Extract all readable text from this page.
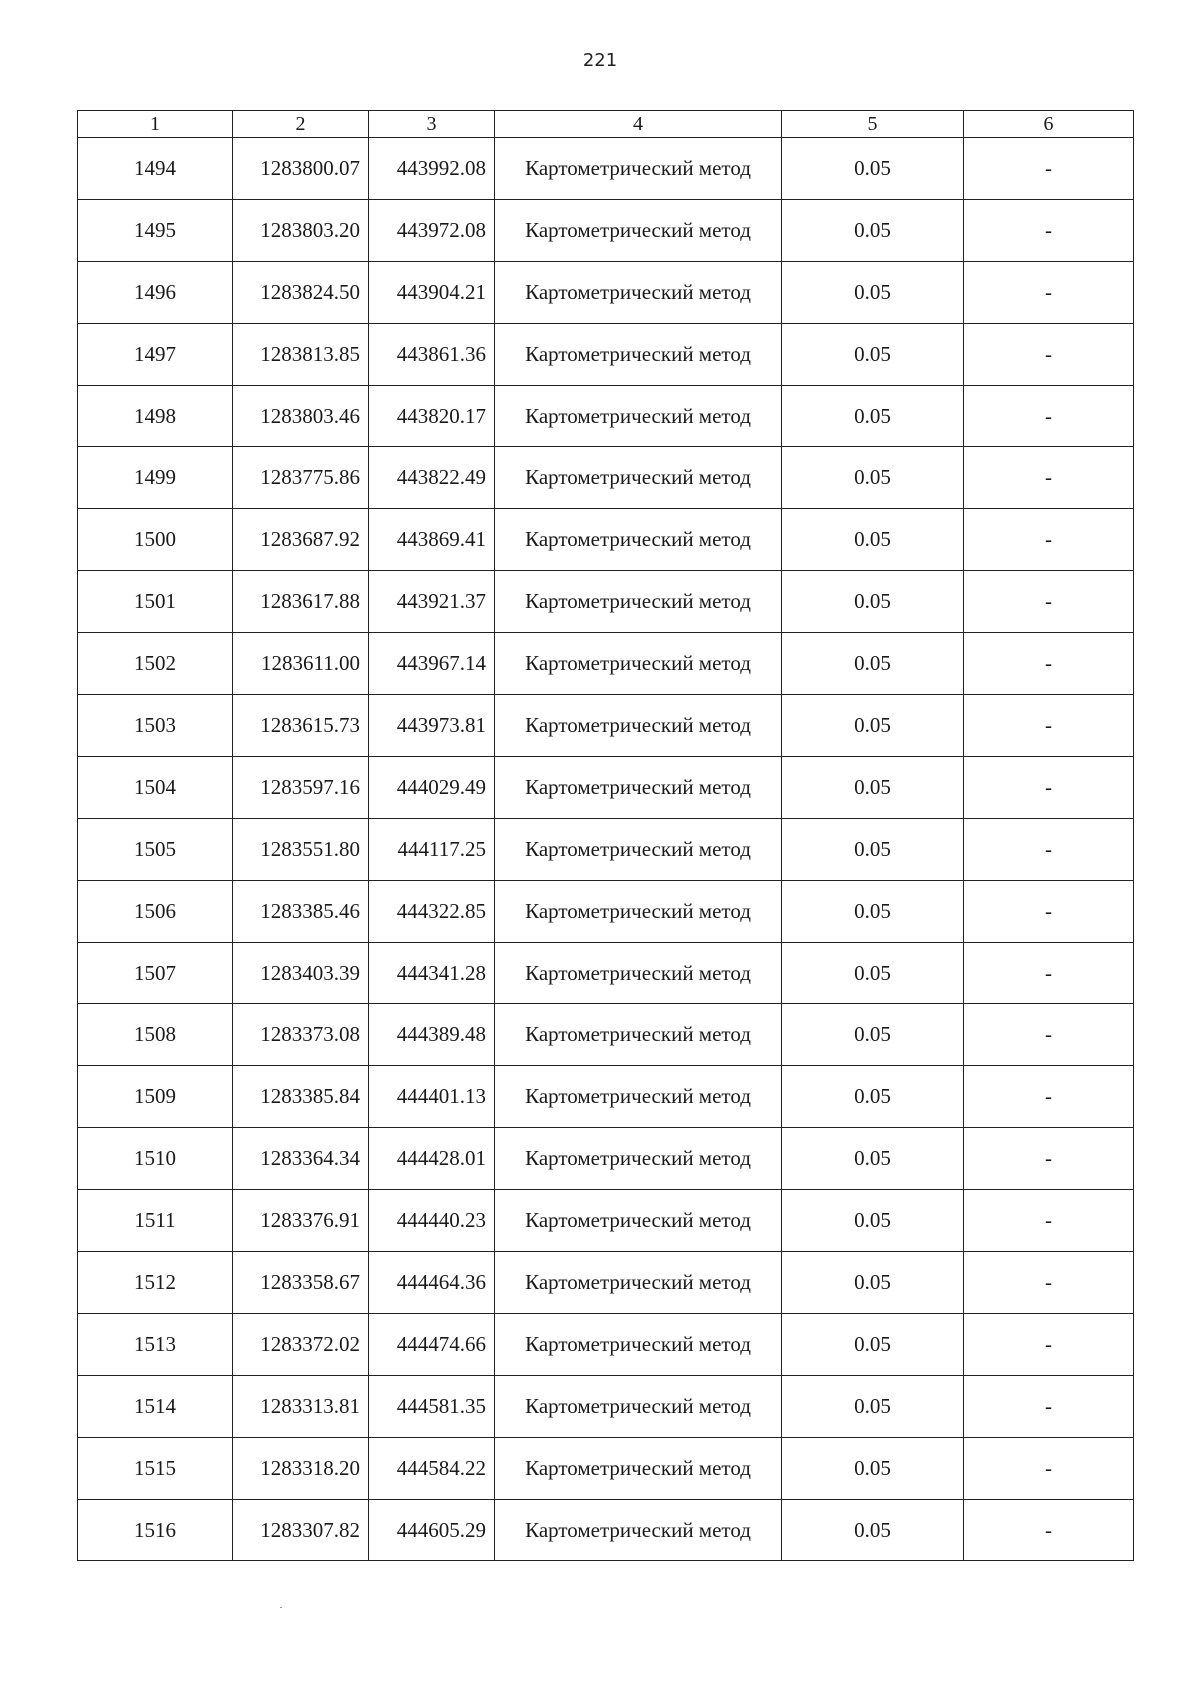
221
1	2	3	4	5	6
1494	1283800.07	443992.08	Картометрический метод	0.05	-
1495	1283803.20	443972.08	Картометрический метод	0.05	-
1496	1283824.50	443904.21	Картометрический метод	0.05	-
1497	1283813.85	443861.36	Картометрический метод	0.05	-
1498	1283803.46	443820.17	Картометрический метод	0.05	-
1499	1283775.86	443822.49	Картометрический метод	0.05	-
1500	1283687.92	443869.41	Картометрический метод	0.05	-
1501	1283617.88	443921.37	Картометрический метод	0.05	-
1502	1283611.00	443967.14	Картометрический метод	0.05	-
1503	1283615.73	443973.81	Картометрический метод	0.05	-
1504	1283597.16	444029.49	Картометрический метод	0.05	-
1505	1283551.80	444117.25	Картометрический метод	0.05	-
1506	1283385.46	444322.85	Картометрический метод	0.05	-
1507	1283403.39	444341.28	Картометрический метод	0.05	-
1508	1283373.08	444389.48	Картометрический метод	0.05	-
1509	1283385.84	444401.13	Картометрический метод	0.05	-
1510	1283364.34	444428.01	Картометрический метод	0.05	-
1511	1283376.91	444440.23	Картометрический метод	0.05	-
1512	1283358.67	444464.36	Картометрический метод	0.05	-
1513	1283372.02	444474.66	Картометрический метод	0.05	-
1514	1283313.81	444581.35	Картометрический метод	0.05	-
1515	1283318.20	444584.22	Картометрический метод	0.05	-
1516	1283307.82	444605.29	Картометрический метод	0.05	-
